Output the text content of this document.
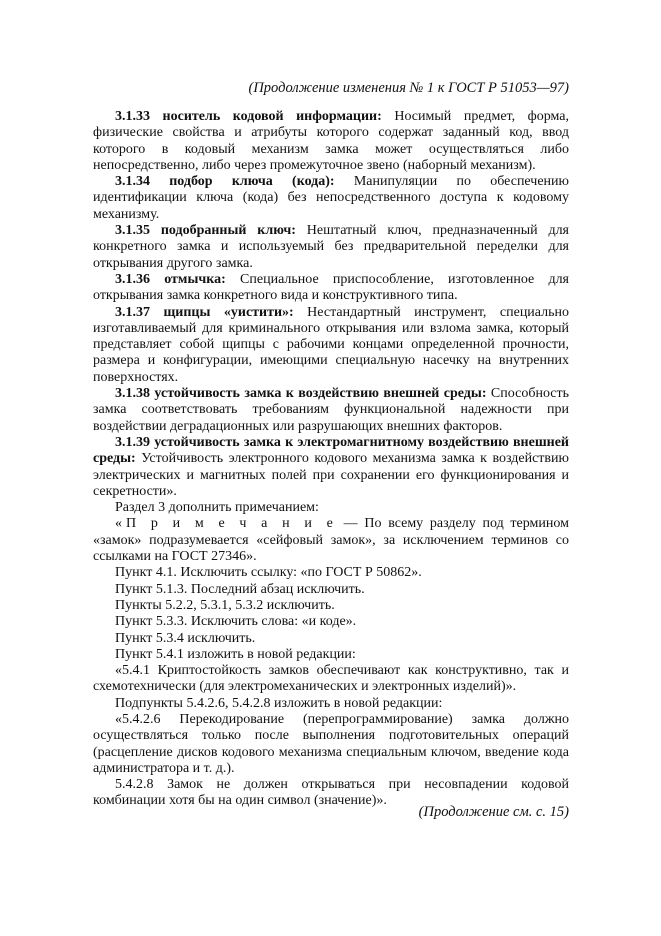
(Продолжение изменения № 1 к ГОСТ Р 51053—97)

3.1.33 носитель кодовой информации: Носимый предмет, форма, физические свойства и атрибуты которого содержат заданный код, ввод которого в кодовый механизм замка может осуществляться либо непосредственно, либо через промежуточное звено (наборный механизм).

3.1.34 подбор ключа (кода): Манипуляции по обеспечению идентификации ключа (кода) без непосредственного доступа к кодовому механизму.

3.1.35 подобранный ключ: Нештатный ключ, предназначенный для конкретного замка и используемый без предварительной переделки для открывания другого замка.

3.1.36 отмычка: Специальное приспособление, изготовленное для открывания замка конкретного вида и конструктивного типа.

3.1.37 щипцы «уистити»: Нестандартный инструмент, специально изготавливаемый для криминального открывания или взлома замка, который представляет собой щипцы с рабочими концами определенной прочности, размера и конфигурации, имеющими специальную насечку на внутренних поверхностях.

3.1.38 устойчивость замка к воздействию внешней среды: Способность замка соответствовать требованиям функциональной надежности при воздействии деградационных или разрушающих внешних факторов.

3.1.39 устойчивость замка к электромагнитному воздействию внешней среды: Устойчивость электронного кодового механизма замка к воздействию электрических и магнитных полей при сохранении его функционирования и секретности».

Раздел 3 дополнить примечанием:

«П р и м е ч а н и е — По всему разделу под термином «замок» подразумевается «сейфовый замок», за исключением терминов со ссылками на ГОСТ 27346».

Пункт 4.1. Исключить ссылку: «по ГОСТ Р 50862».

Пункт 5.1.3. Последний абзац исключить.

Пункты 5.2.2, 5.3.1, 5.3.2 исключить.

Пункт 5.3.3. Исключить слова: «и коде».

Пункт 5.3.4 исключить.

Пункт 5.4.1 изложить в новой редакции:

«5.4.1 Криптостойкость замков обеспечивают как конструктивно, так и схемотехнически (для электромеханических и электронных изделий)».

Подпункты 5.4.2.6, 5.4.2.8 изложить в новой редакции:

«5.4.2.6 Перекодирование (перепрограммирование) замка должно осуществляться только после выполнения подготовительных операций (расцепление дисков кодового механизма специальным ключом, введение кода администратора и т. д.).

5.4.2.8 Замок не должен открываться при несовпадении кодовой комбинации хотя бы на один символ (значение)».

(Продолжение см. с. 15)
